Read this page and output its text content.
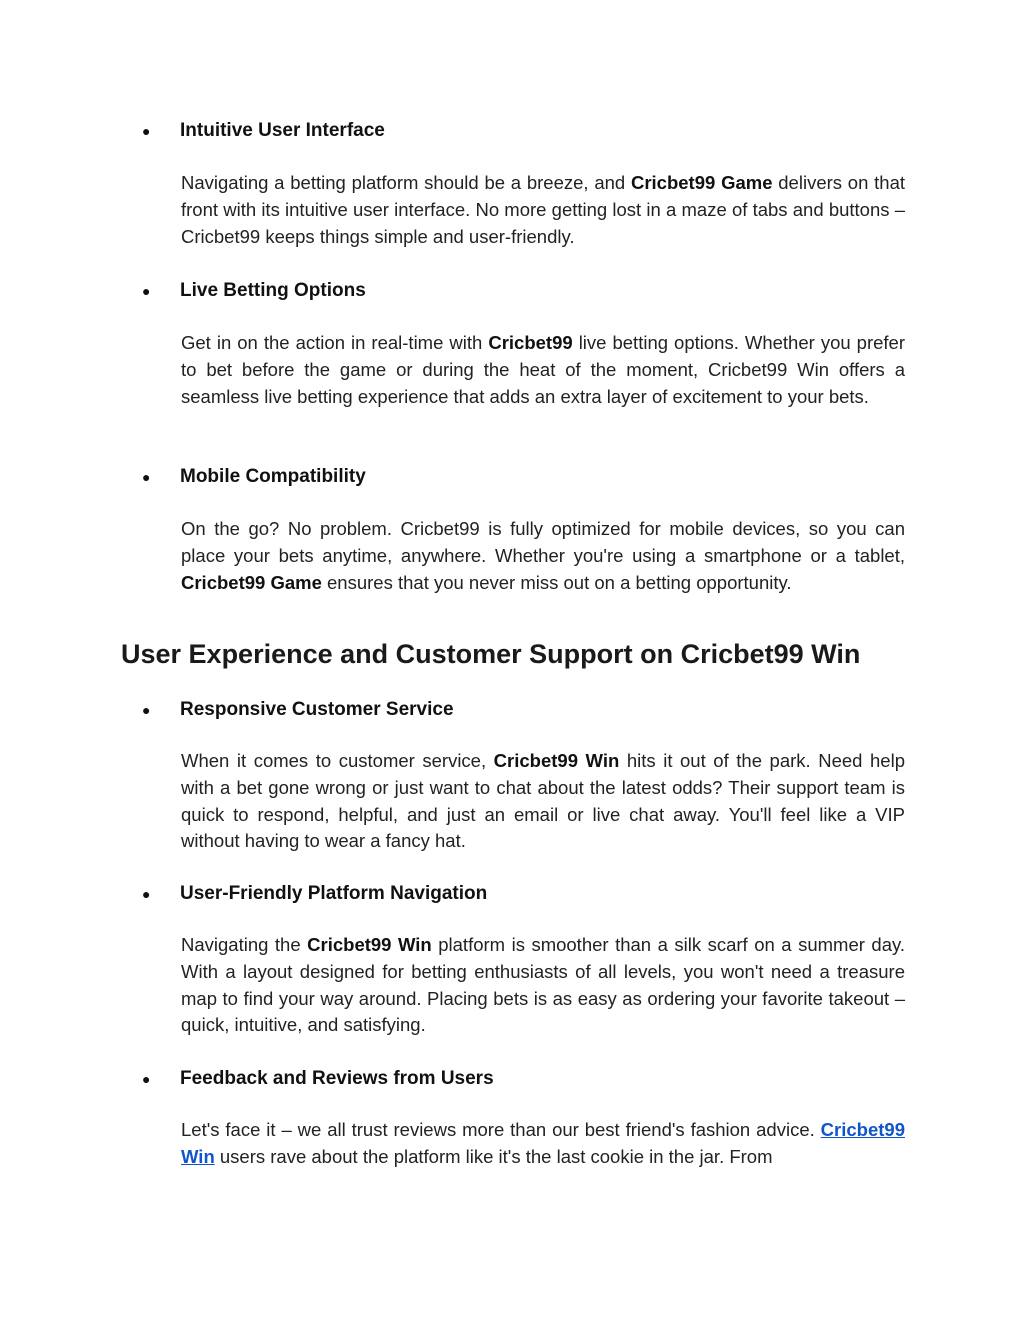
●	Intuitive User Interface
Navigating a betting platform should be a breeze, and Cricbet99 Game delivers on that front with its intuitive user interface. No more getting lost in a maze of tabs and buttons – Cricbet99 keeps things simple and user-friendly.
●	Live Betting Options
Get in on the action in real-time with Cricbet99 live betting options. Whether you prefer to bet before the game or during the heat of the moment, Cricbet99 Win offers a seamless live betting experience that adds an extra layer of excitement to your bets.
●	Mobile Compatibility
On the go? No problem. Cricbet99 is fully optimized for mobile devices, so you can place your bets anytime, anywhere. Whether you're using a smartphone or a tablet, Cricbet99 Game ensures that you never miss out on a betting opportunity.
User Experience and Customer Support on Cricbet99 Win
●	Responsive Customer Service
When it comes to customer service, Cricbet99 Win hits it out of the park. Need help with a bet gone wrong or just want to chat about the latest odds? Their support team is quick to respond, helpful, and just an email or live chat away. You'll feel like a VIP without having to wear a fancy hat.
●	User-Friendly Platform Navigation
Navigating the Cricbet99 Win platform is smoother than a silk scarf on a summer day. With a layout designed for betting enthusiasts of all levels, you won't need a treasure map to find your way around. Placing bets is as easy as ordering your favorite takeout – quick, intuitive, and satisfying.
●	Feedback and Reviews from Users
Let's face it – we all trust reviews more than our best friend's fashion advice. Cricbet99 Win users rave about the platform like it's the last cookie in the jar. From
